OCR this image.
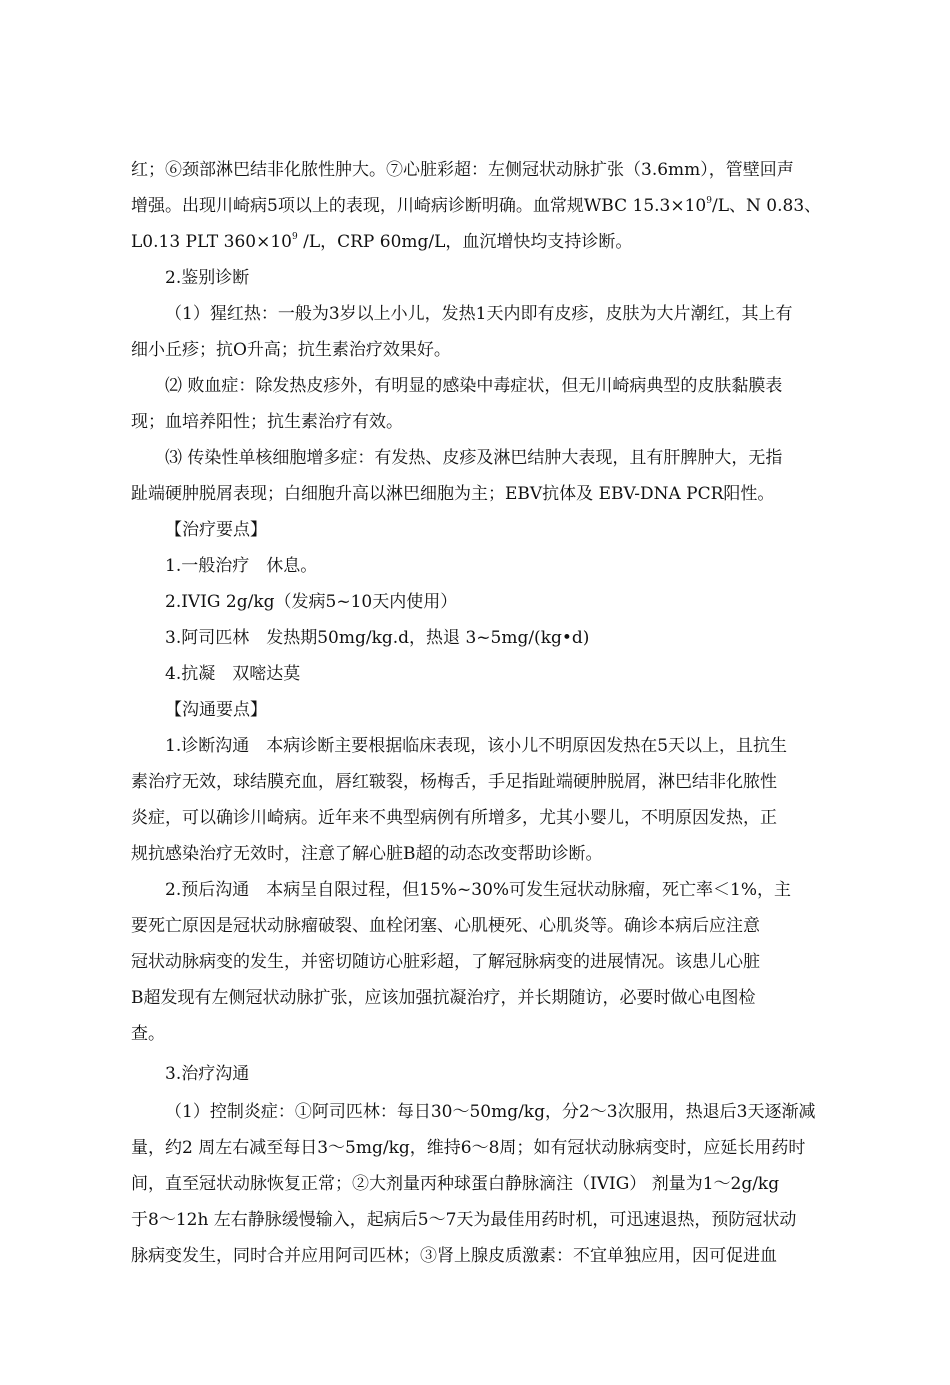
红；⑥颈部淋巴结非化脓性肿大。⑦心脏彩超：左侧冠状动脉扩张（3.6mm），管壁回声
增强。出现川崎病5项以上的表现，川崎病诊断明确。血常规WBC $15.3\times 10^9/L$、N 0.83、
L0.13 PLT $360\times 10^9$ /L，CRP 60mg/L，血沉增快均支持诊断。
2.鉴别诊断
（1）猩红热：一般为3岁以上小儿，发热1天内即有皮疹，皮肤为大片潮红，其上有
细小丘疹；抗O升高；抗生素治疗效果好。
⑵ 败血症：除发热皮疹外，有明显的感染中毒症状，但无川崎病典型的皮肤黏膜表
现；血培养阳性；抗生素治疗有效。
⑶ 传染性单核细胞增多症：有发热、皮疹及淋巴结肿大表现，且有肝脾肿大，无指
趾端硬肿脱屑表现；白细胞升高以淋巴细胞为主；EBV抗体及 EBV-DNA PCR阳性。
【治疗要点】
1.一般治疗　休息。
2.IVIG 2g/kg（发病5~10天内使用）
3.阿司匹林　发热期50mg/kg.d，热退 3~5mg/(kg•d)
4.抗凝　双嘧达莫
【沟通要点】
1.诊断沟通　本病诊断主要根据临床表现，该小儿不明原因发热在5天以上，且抗生
素治疗无效，球结膜充血，唇红皲裂，杨梅舌，手足指趾端硬肿脱屑，淋巴结非化脓性
炎症，可以确诊川崎病。近年来不典型病例有所增多，尤其小婴儿，不明原因发热，正
规抗感染治疗无效时，注意了解心脏B超的动态改变帮助诊断。
2.预后沟通　本病呈自限过程，但15%~30%可发生冠状动脉瘤，死亡率＜1%，主
要死亡原因是冠状动脉瘤破裂、血栓闭塞、心肌梗死、心肌炎等。确诊本病后应注意
冠状动脉病变的发生，并密切随访心脏彩超，了解冠脉病变的进展情况。该患儿心脏
B超发现有左侧冠状动脉扩张，应该加强抗凝治疗，并长期随访，必要时做心电图检
查。
3.治疗沟通
（1）控制炎症：①阿司匹林：每日30～50mg/kg，分2～3次服用，热退后3天逐渐减
量，约2 周左右减至每日3～5mg/kg，维持6～8周；如有冠状动脉病变时，应延长用药时
间，直至冠状动脉恢复正常；②大剂量丙种球蛋白静脉滴注（IVIG） 剂量为1～2g/kg
于8～12h 左右静脉缓慢输入，起病后5～7天为最佳用药时机，可迅速退热，预防冠状动
脉病变发生，同时合并应用阿司匹林；③肾上腺皮质激素：不宜单独应用，因可促进血
